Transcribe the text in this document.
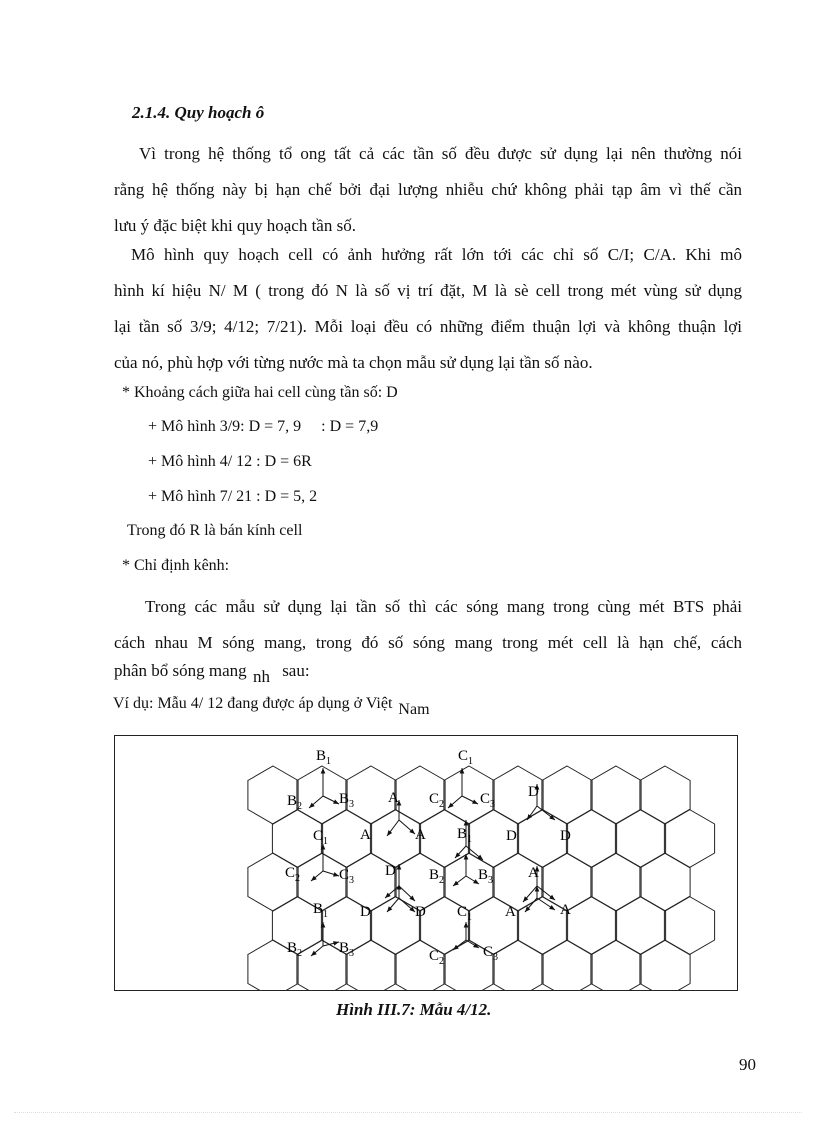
2.1.4. Quy hoạch ô
Vì trong hệ thống tổ ong tất cả các tần số đều được sử dụng lại nên thường nói
rằng hệ thống này bị hạn chế bởi đại lượng nhiễu chứ không phải tạp âm vì thế cần
lưu ý đặc biệt khi quy hoạch tần số.
Mô hình quy hoạch cell có ảnh hưởng rất lớn tới các chỉ số C/I; C/A. Khi mô
hình kí hiệu N/ M ( trong đó N là số vị trí đặt, M là sè cell trong mét vùng sử dụng
lại tần số 3/9; 4/12; 7/21). Mỗi loại đều có những điểm thuận lợi và không thuận lợi
của nó, phù hợp với từng nước mà ta chọn mẫu sử dụng lại tần số nào.
* Khoảng cách giữa hai cell cùng tần số: D
+ Mô hình 3/9: D = 7, 9     : D = 7,9
+ Mô hình 4/ 12 : D = 6R
+ Mô hình 7/ 21 : D = 5, 2
Trong đó R là bán kính cell
* Chỉ định kênh:
Trong các mẫu sử dụng lại tần số thì các sóng mang trong cùng mét BTS phải
cách nhau M sóng mang, trong đó số sóng mang trong mét cell là hạn chế, cách
phân bổ sóng mang nh sau:
Ví dụ: Mẫu 4/ 12 đang được áp dụng ở Việt Nam
$B_1$
$B_2$ $B_3$
$C_1$
$C_2$ $C_3$
A	D
$C_1$ A	A $B_1$ D	D
$C_2$	$C_3$
D $B_2$ $B_3$ A
$B_1$ D	D $C_1$ A	A
$B_2$ $B_3$	$C_2$
$C_3$
Hình III.7: Mẫu 4/12.
90
